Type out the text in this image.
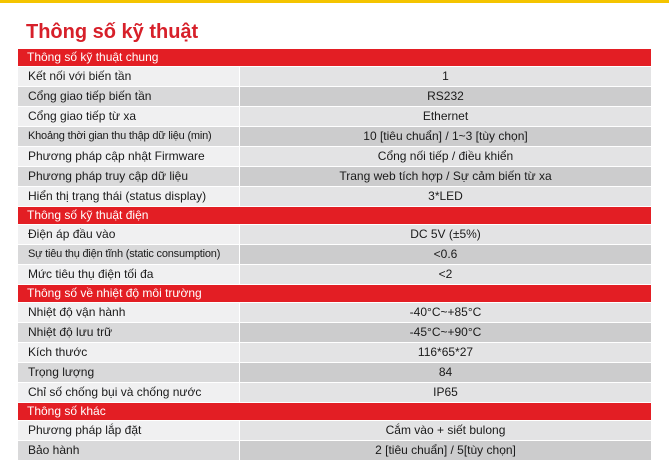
Thông số kỹ thuật
Thông số kỹ thuật chung
Kết nối với biến tần	1
Cổng giao tiếp biến tần	RS232
Cổng giao tiếp từ xa	Ethernet
Khoảng thời gian thu thập dữ liệu (min)	10 [tiêu chuẩn] / 1~3 [tùy chọn]
Phương pháp cập nhật Firmware	Cổng nối tiếp / điều khiển
Phương pháp truy cập dữ liệu	Trang web tích hợp / Sự cảm biến từ xa
Hiển thị trạng thái (status display)	3*LED
Thông số kỹ thuật điện
Điện áp đầu vào	DC 5V (±5%)
Sự tiêu thụ điện tĩnh (static consumption)	<0.6
Mức tiêu thụ điện tối đa	<2
Thông số về nhiệt độ môi trường
Nhiệt độ vận hành	-40°C~+85°C
Nhiệt độ lưu trữ	-45°C~+90°C
Kích thước	116*65*27
Trọng lượng	84
Chỉ số chống bụi và chống nước	IP65
Thông số khác
Phương pháp lắp đặt	Cắm vào + siết bulong
Bảo hành	2 [tiêu chuẩn] / 5[tùy chọn]
